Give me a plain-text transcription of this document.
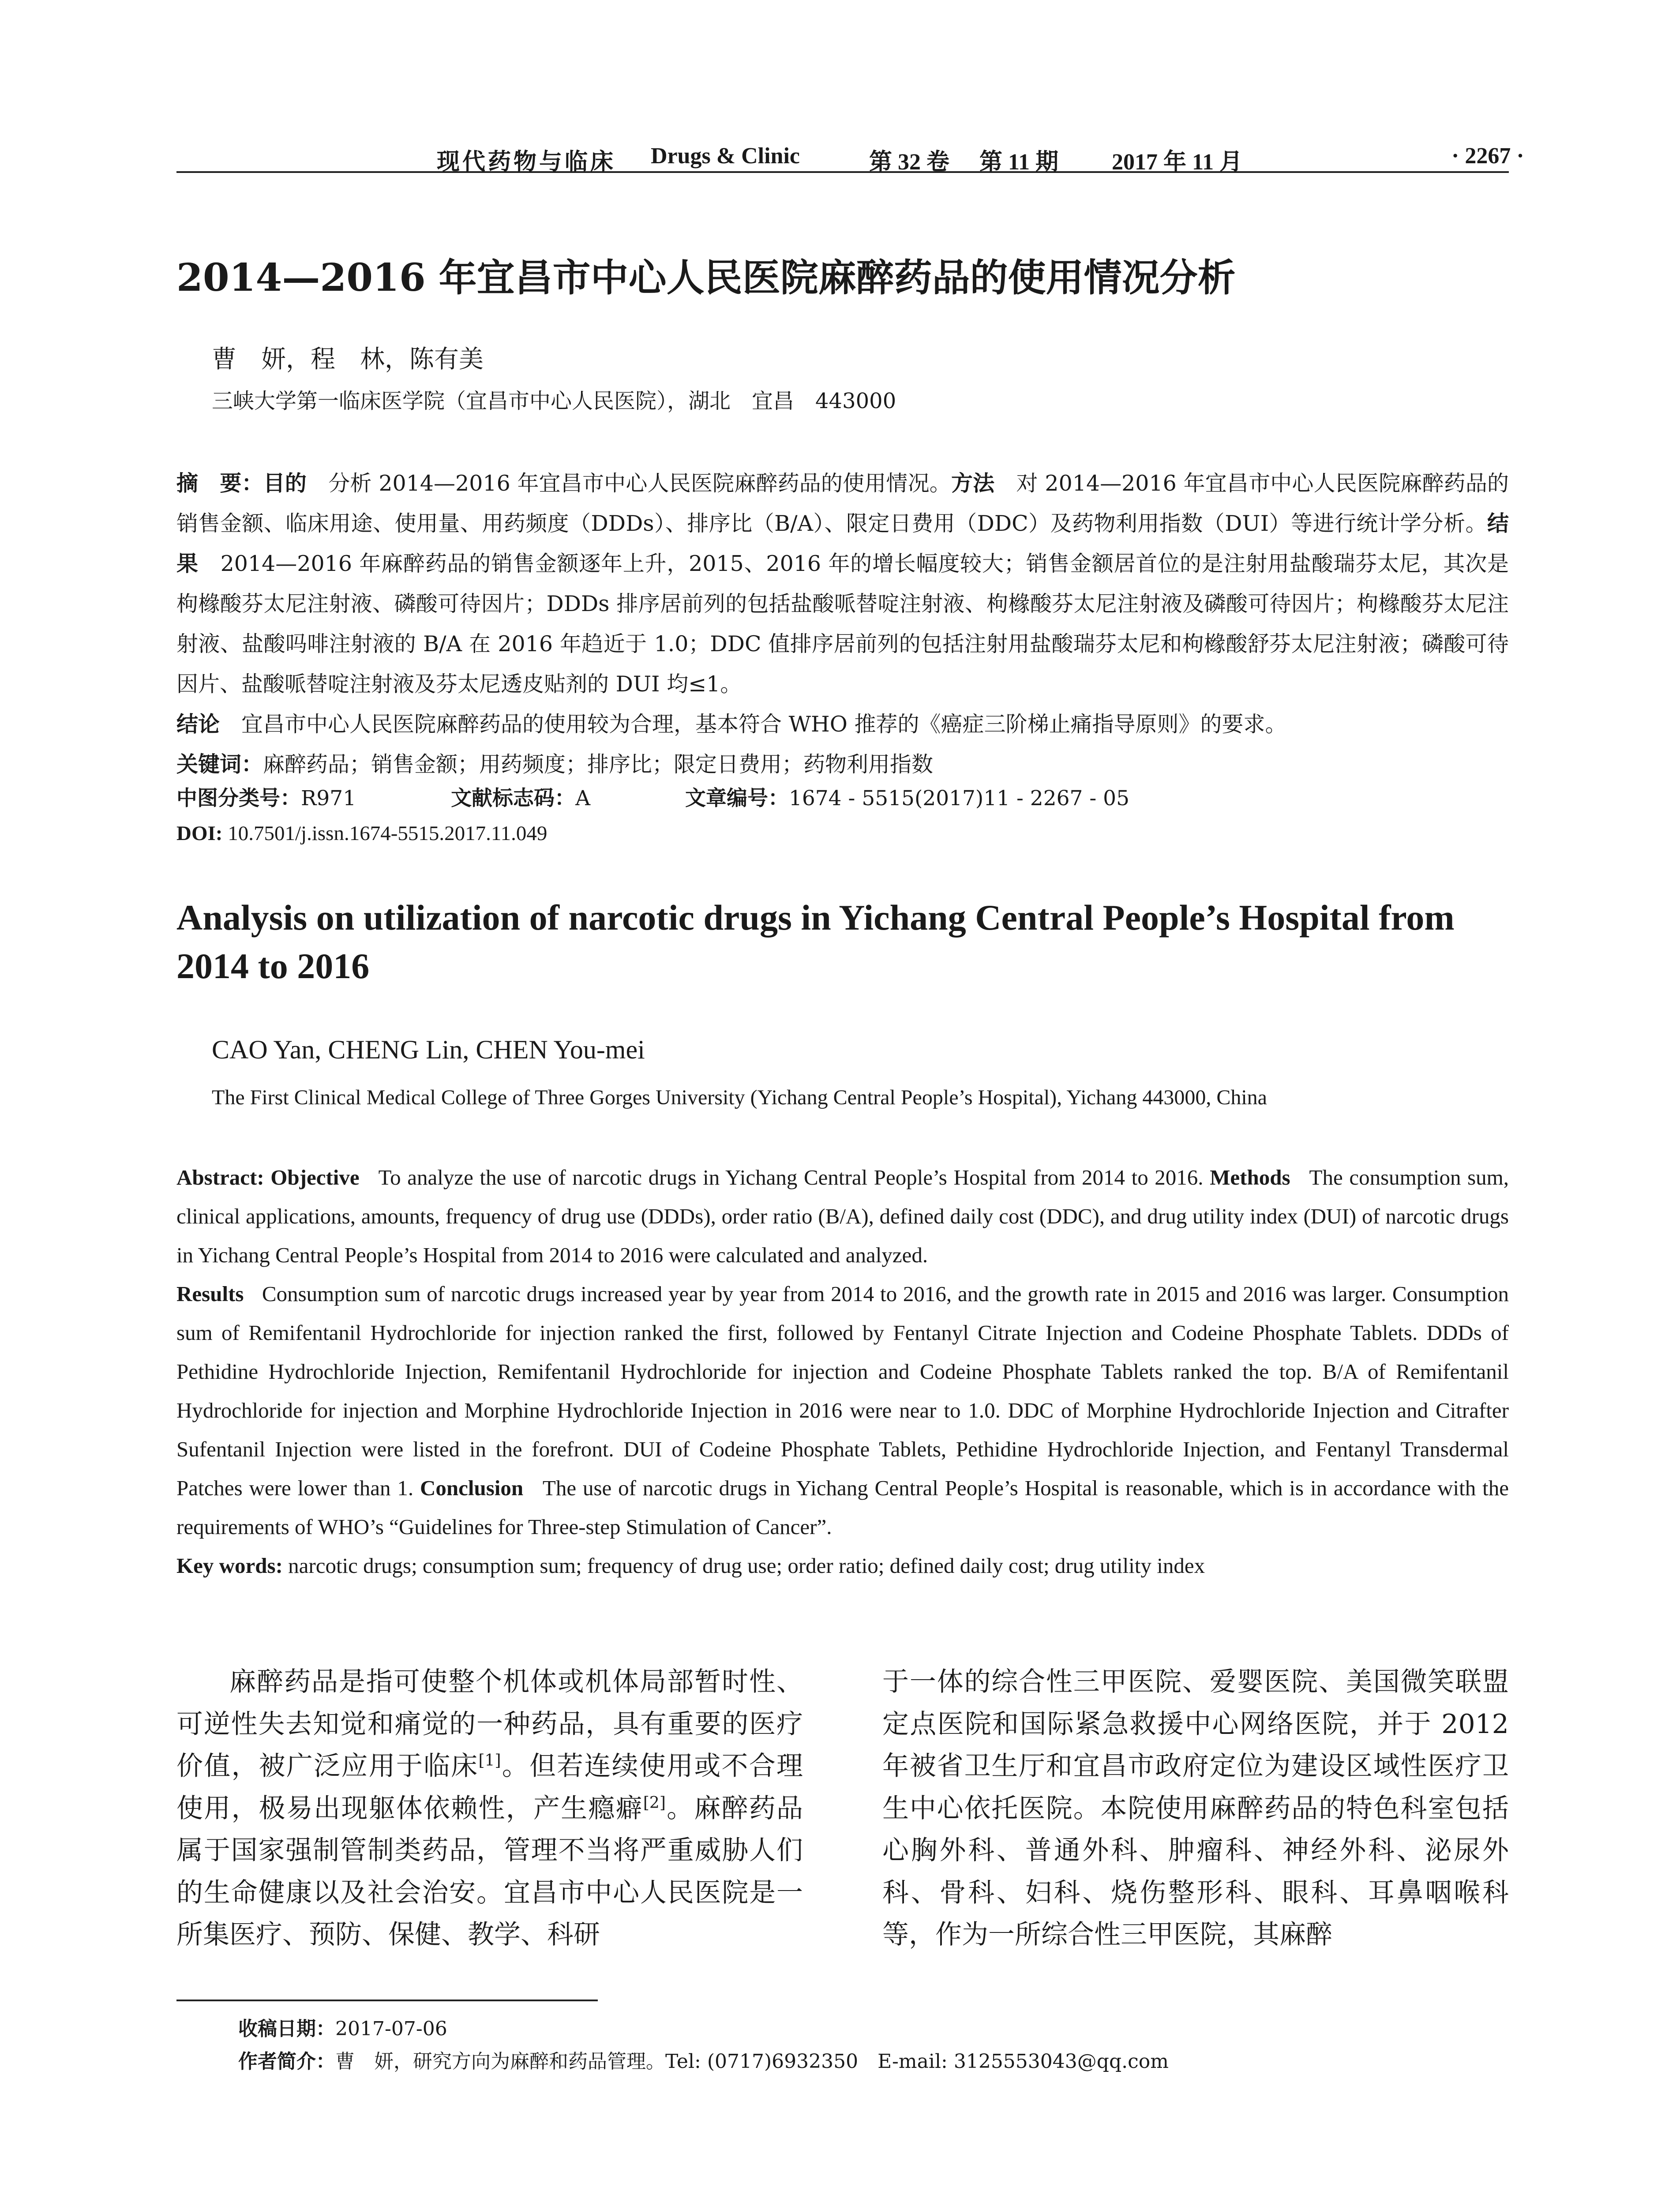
现代药物与临床 Drugs & Clinic	第 32 卷 第 11 期 2017 年 11 月	· 2267 ·
2014—2016 年宜昌市中心人民医院麻醉药品的使用情况分析
曹　妍，程　林，陈有美
三峡大学第一临床医学院（宜昌市中心人民医院），湖北　宜昌　443000
摘　要：目的　 分析 2014—2016 年宜昌市中心人民医院麻醉药品的使用情况。方法　 对 2014—2016 年宜昌市中心人民医院麻醉药品的销售金额、临床用途、使用量、用药频度（DDDs）、排序比（B/A）、限定日费用（DDC）及药物利用指数（DUI）等进行统计学分析。结果　 2014—2016 年麻醉药品的销售金额逐年上升，2015、2016 年的增长幅度较大；销售金额居首位的是注射用盐酸瑞芬太尼，其次是枸橼酸芬太尼注射液、磷酸可待因片；DDDs 排序居前列的包括盐酸哌替啶注射液、枸橼酸芬太尼注射液及磷酸可待因片；枸橼酸芬太尼注射液、盐酸吗啡注射液的 B/A 在 2016 年趋近于 1.0；DDC 值排序居前列的包括注射用盐酸瑞芬太尼和枸橼酸舒芬太尼注射液；磷酸可待因片、盐酸哌替啶注射液及芬太尼透皮贴剂的 DUI 均≤1。
结论　 宜昌市中心人民医院麻醉药品的使用较为合理，基本符合 WHO 推荐的《癌症三阶梯止痛指导原则》的要求。
关键词：麻醉药品；销售金额；用药频度；排序比；限定日费用；药物利用指数
中图分类号：R971	文献标志码：A	文章编号：1674 - 5515(2017)11 - 2267 - 05
DOI: 10.7501/j.issn.1674-5515.2017.11.049
Analysis on utilization of narcotic drugs in Yichang Central People’s Hospital from 2014 to 2016
CAO Yan, CHENG Lin, CHEN You-mei
The First Clinical Medical College of Three Gorges University (Yichang Central People’s Hospital), Yichang 443000, China
Abstract: Objective To analyze the use of narcotic drugs in Yichang Central People’s Hospital from 2014 to 2016. Methods The consumption sum, clinical applications, amounts, frequency of drug use (DDDs), order ratio (B/A), defined daily cost (DDC), and drug utility index (DUI) of narcotic drugs in Yichang Central People’s Hospital from 2014 to 2016 were calculated and analyzed.
Results Consumption sum of narcotic drugs increased year by year from 2014 to 2016, and the growth rate in 2015 and 2016 was larger. Consumption sum of Remifentanil Hydrochloride for injection ranked the first, followed by Fentanyl Citrate Injection and Codeine Phosphate Tablets. DDDs of Pethidine Hydrochloride Injection, Remifentanil Hydrochloride for injection and Codeine Phosphate Tablets ranked the top. B/A of Remifentanil Hydrochloride for injection and Morphine Hydrochloride Injection in 2016 were near to 1.0. DDC of Morphine Hydrochloride Injection and Citrafter Sufentanil Injection were listed in the forefront. DUI of Codeine Phosphate Tablets, Pethidine Hydrochloride Injection, and Fentanyl Transdermal Patches were lower than 1. Conclusion The use of narcotic drugs in Yichang Central People’s Hospital is reasonable, which is in accordance with the requirements of WHO’s “Guidelines for Three-step Stimulation of Cancer”.
Key words: narcotic drugs; consumption sum; frequency of drug use; order ratio; defined daily cost; drug utility index
麻醉药品是指可使整个机体或机体局部暂时性、可逆性失去知觉和痛觉的一种药品，具有重要的医疗价值，被广泛应用于临床[1]。但若连续使用或不合理使用，极易出现躯体依赖性，产生瘾癖[2]。麻醉药品属于国家强制管制类药品，管理不当将严重威胁人们的生命健康以及社会治安。宜昌市中心人民医院是一所集医疗、预防、保健、教学、科研
于一体的综合性三甲医院、爱婴医院、美国微笑联盟定点医院和国际紧急救援中心网络医院，并于 2012 年被省卫生厅和宜昌市政府定位为建设区域性医疗卫生中心依托医院。本院使用麻醉药品的特色科室包括心胸外科、普通外科、肿瘤科、神经外科、泌尿外科、骨科、妇科、烧伤整形科、眼科、耳鼻咽喉科等，作为一所综合性三甲医院，其麻醉
收稿日期：2017-07-06
作者简介：曹　妍，研究方向为麻醉和药品管理。Tel: (0717)6932350　E-mail: 3125553043@qq.com
